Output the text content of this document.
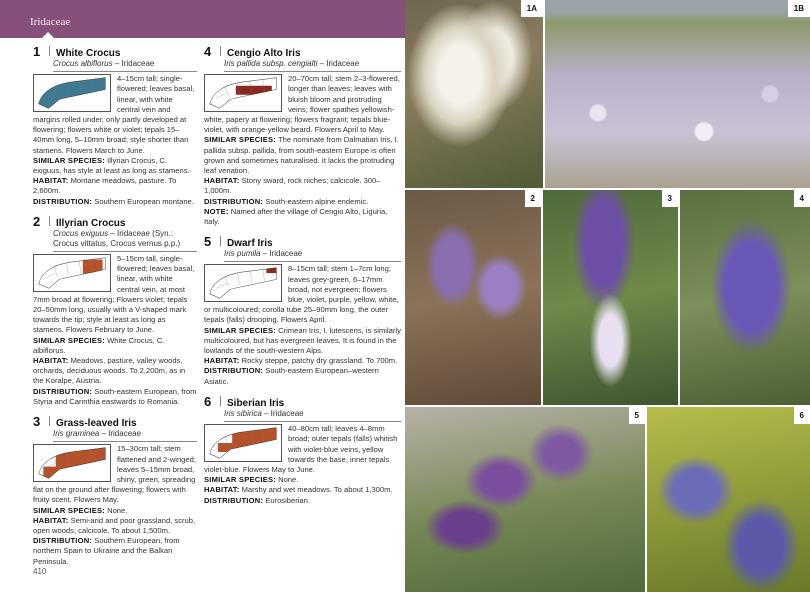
Iridaceae
1	White Crocus
Crocus albiflorus – Iridaceae
4–15cm tall; single-flowered; leaves basal, linear, with white central vein and margins rolled under, only partly developed at flowering; flowers white or violet; tepals 15–40mm long, 5–10mm broad; style shorter than stamens. Flowers March to June.
SIMILAR SPECIES: Illyrian Crocus, C. exiguus, has style at least as long as stamens.
HABITAT: Montane meadows, pasture. To 2,600m.
DISTRIBUTION: Southern European montane.
2	Illyrian Crocus
Crocus exiguus – Iridaceae (Syn.: Crocus vittatus, Crocus vernus p.p.)
5–15cm tall, single-flowered; leaves basal, linear, with white central vein, at most 7mm broad at flowering; Flowers violet; tepals 20–50mm long, usually with a V-shaped mark towards the tip; style at least as long as stamens. Flowers February to June.
SIMILAR SPECIES: White Crocus, C. albiflorus.
HABITAT: Meadows, pasture, valley woods, orchards, deciduous woods. To 2,200m, as in the Koralpe, Austria.
DISTRIBUTION: South-eastern European, from Styria and Carinthia eastwards to Romania.
3	Grass-leaved Iris
Iris graminea – Iridaceae
15–30cm tall; stem flattened and 2-winged; leaves 5–15mm broad, shiny, green, spreading flat on the ground after flowering; flowers with fruity scent. Flowers May.
SIMILAR SPECIES: None.
HABITAT: Semi-arid and poor grassland, scrub, open woods; calcicole. To about 1,500m.
DISTRIBUTION: Southern European, from northern Spain to Ukraine and the Balkan Peninsula.
4	Cengio Alto Iris
Iris pallida subsp. cengialti – Iridaceae
20–70cm tall; stem 2–3-flowered, longer than leaves; leaves with bluish bloom and protruding veins; flower spathes yellowish-white, papery at flowering; flowers fragrant; tepals blue-violet, with orange-yellow beard. Flowers April to May.
SIMILAR SPECIES: The nominate from Dalmatian Iris, I. pallida subsp. pallida, from south-eastern Europe is often grown and sometimes naturalised. It lacks the protruding leaf venation.
HABITAT: Stony sward, rock niches; calcicole. 300–1,000m.
DISTRIBUTION: South-eastern alpine endemic.
NOTE: Named after the village of Cengio Alto, Liguria, Italy.
5	Dwarf Iris
Iris pumila – Iridaceae
8–15cm tall; stem 1–7cm long; leaves grey-green, 6–17mm broad, not evergreen; flowers blue, violet, purple, yellow, white, or multicoloured; corolla tube 25–90mm long, the outer tepals (falls) drooping. Flowers April.
SIMILAR SPECIES: Crimean Iris, I. lutescens, is similarly multicoloured, but has evergreen leaves. It is found in the lowlands of the south-western Alps.
HABITAT: Rocky steppe, patchy dry grassland. To 700m.
DISTRIBUTION: South-eastern European–western Asiatic.
6	Siberian Iris
Iris sibirica – Iridaceae
40–80cm tall; leaves 4–8mm broad; outer tepals (falls) whitish with violet-blue veins, yellow towards the base, inner tepals violet-blue. Flowers May to June.
SIMILAR SPECIES: None.
HABITAT: Marshy and wet meadows. To about 1,300m.
DISTRIBUTION: Eurosiberian.
410
1A	1B
2	3	4
5	6
